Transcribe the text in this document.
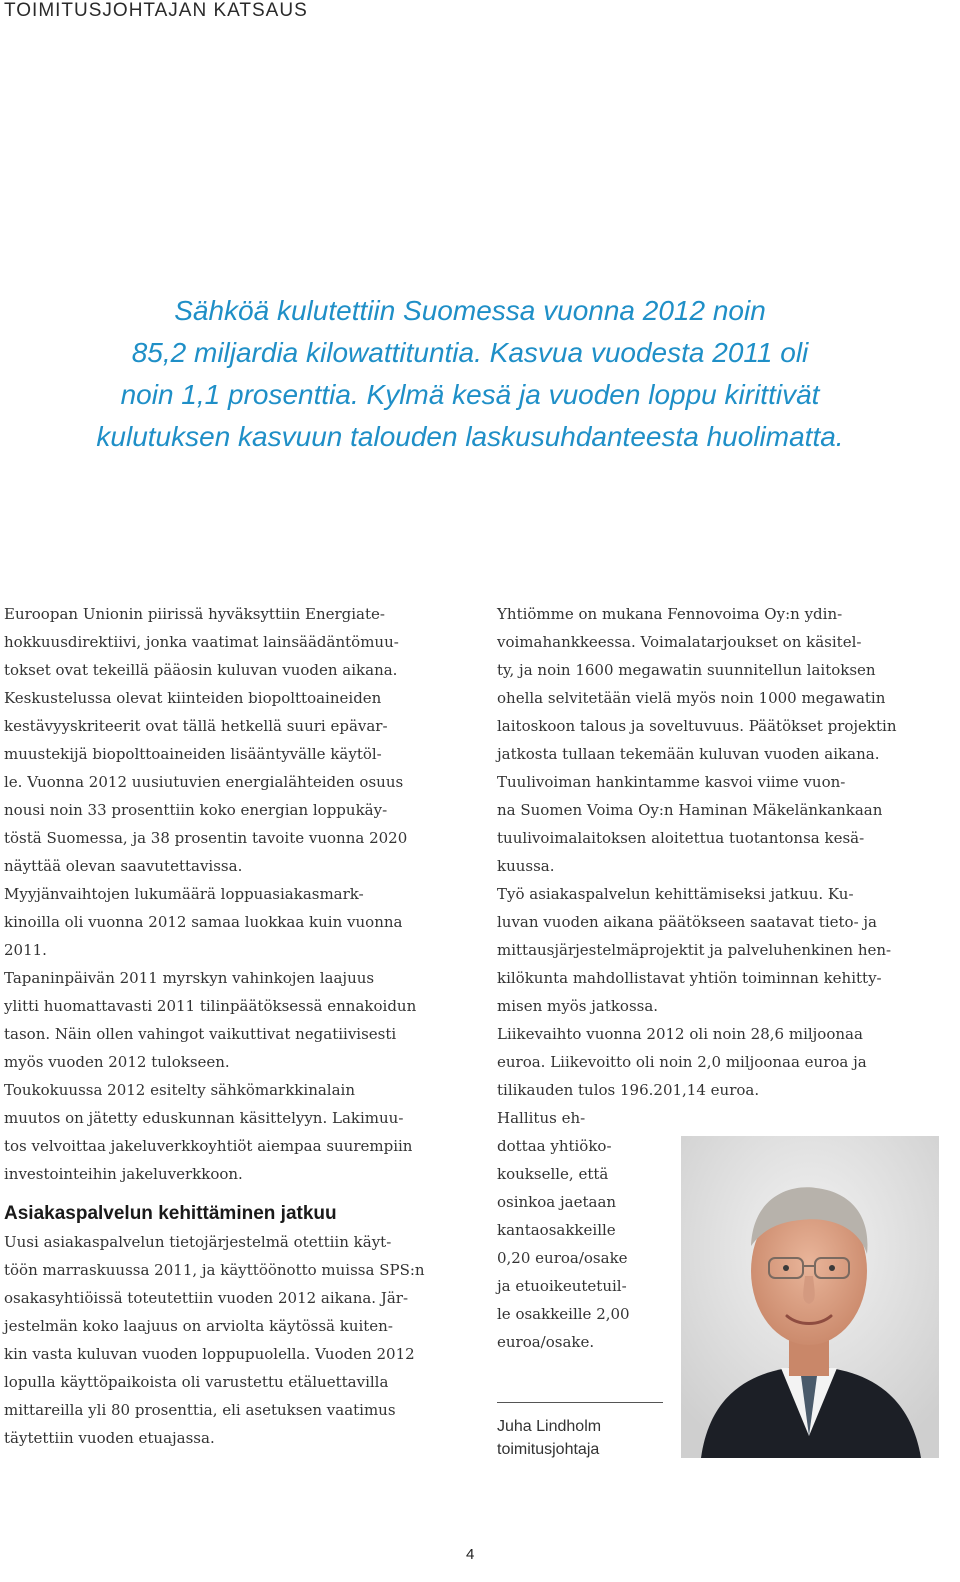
TOIMITUSJOHTAJAN KATSAUS
Sähköä kulutettiin Suomessa vuonna 2012 noin
85,2 miljardia kilowattituntia. Kasvua vuodesta 2011 oli
noin 1,1 prosenttia. Kylmä kesä ja vuoden loppu kirittivät
kulutuksen kasvuun talouden laskusuhdanteesta huolimatta.
Euroopan Unionin piirissä hyväksyttiin Energiate-
hokkuusdirektiivi, jonka vaatimat lainsäädäntömuu-
tokset ovat tekeillä pääosin kuluvan vuoden aikana.
Keskustelussa olevat kiinteiden biopolttoaineiden
kestävyyskriteerit ovat tällä hetkellä suuri epävar-
muustekijä biopolttoaineiden lisääntyvälle käytöl-
le. Vuonna 2012 uusiutuvien energialähteiden osuus
nousi noin 33 prosenttiin koko energian loppukäy-
töstä Suomessa, ja 38 prosentin tavoite vuonna 2020
näyttää olevan saavutettavissa.
Myyjänvaihtojen lukumäärä loppuasiakasmark-
kinoilla oli vuonna 2012 samaa luokkaa kuin vuonna
2011.
Tapaninpäivän 2011 myrskyn vahinkojen laajuus
ylitti huomattavasti 2011 tilinpäätöksessä ennakoidun
tason. Näin ollen vahingot vaikuttivat negatiivisesti
myös vuoden 2012 tulokseen.
Toukokuussa 2012 esitelty sähkömarkkinalain
muutos on jätetty eduskunnan käsittelyyn. Lakimuu-
tos velvoittaa jakeluverkkoyhtiöt aiempaa suurempiin
investointeihin jakeluverkkoon.
Asiakaspalvelun kehittäminen jatkuu
Uusi asiakaspalvelun tietojärjestelmä otettiin käyt-
töön marraskuussa 2011, ja käyttöönotto muissa SPS:n
osakasyhtiöissä toteutettiin vuoden 2012 aikana. Jär-
jestelmän koko laajuus on arviolta käytössä kuiten-
kin vasta kuluvan vuoden loppupuolella. Vuoden 2012
lopulla käyttöpaikoista oli varustettu etäluettavilla
mittareilla yli 80 prosenttia, eli asetuksen vaatimus
täytettiin vuoden etuajassa.
Yhtiömme on mukana Fennovoima Oy:n ydin-
voimahankkeessa. Voimalatarjoukset on käsitel-
ty, ja noin 1600 megawatin suunnitellun laitoksen
ohella selvitetään vielä myös noin 1000 megawatin
laitoskoon talous ja soveltuvuus. Päätökset projektin
jatkosta tullaan tekemään kuluvan vuoden aikana.
Tuulivoiman hankintamme kasvoi viime vuon-
na Suomen Voima Oy:n Haminan Mäkelänkankaan
tuulivoimalaitoksen aloitettua tuotantonsa kesä-
kuussa.
Työ asiakaspalvelun kehittämiseksi jatkuu. Ku-
luvan vuoden aikana päätökseen saatavat tieto- ja
mittausjärjestelmäprojektit ja palveluhenkinen hen-
kilökunta mahdollistavat yhtiön toiminnan kehitty-
misen myös jatkossa.
Liikevaihto vuonna 2012 oli noin 28,6 miljoonaa
euroa. Liikevoitto oli noin 2,0 miljoonaa euroa ja
tilikauden tulos 196.201,14 euroa.
Hallitus eh-
dottaa yhtiöko-
koukselle, että
osinkoa jaetaan
kantaosakkeille
0,20 euroa/osake
ja etuoikeutetuil-
le osakkeille 2,00
euroa/osake.
Juha Lindholm
toimitusjohtaja
4
